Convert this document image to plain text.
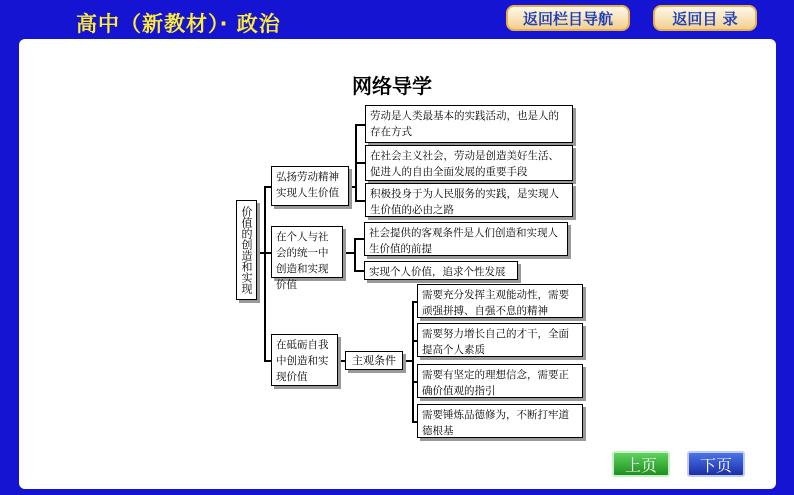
高中（新教材）· 政治	返回栏目导航	返回目 录
网络导学
价值的创造和实现
弘扬劳动精神实现人生价值
劳动是人类最基本的实践活动，也是人的存在方式
在社会主义社会，劳动是创造美好生活、促进人的自由全面发展的重要手段
积极投身于为人民服务的实践，是实现人生价值的必由之路
在个人与社会的统一中创造和实现价值
社会提供的客观条件是人们创造和实现人生价值的前提
实现个人价值，追求个性发展
在砥砺自我中创造和实现价值
主观条件
需要充分发挥主观能动性，需要顽强拼搏、自强不息的精神
需要努力增长自己的才干，全面提高个人素质
需要有坚定的理想信念，需要正确价值观的指引
需要锤炼品德修为，不断打牢道德根基
上页	下页
